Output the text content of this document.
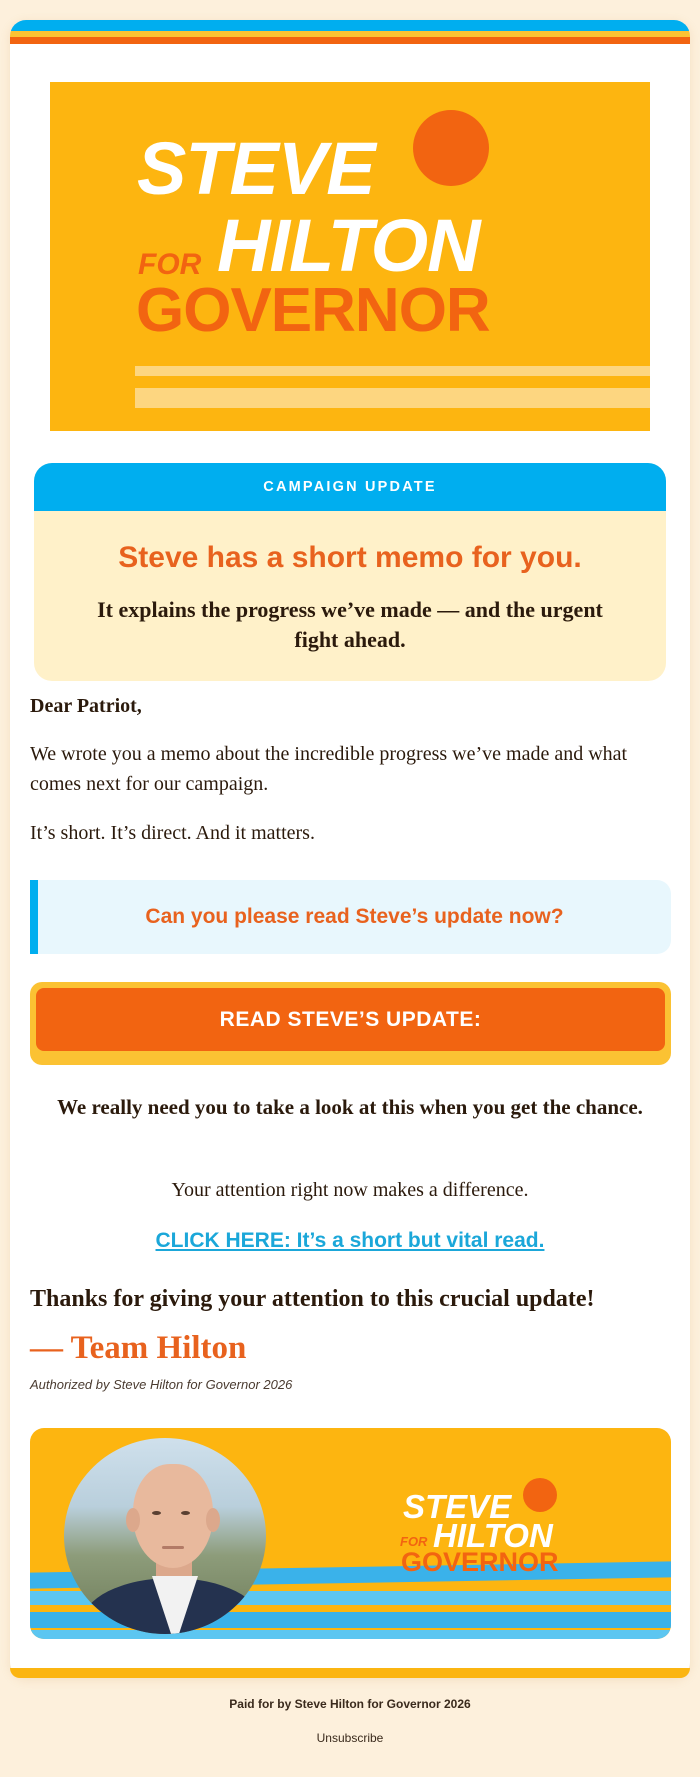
STEVE
FOR HILTON
GOVERNOR
CAMPAIGN UPDATE
Steve has a short memo for you.
It explains the progress we’ve made — and the urgent fight ahead.
Dear Patriot,
We wrote you a memo about the incredible progress we’ve made and what comes next for our campaign.
It’s short. It’s direct. And it matters.
Can you please read Steve’s update now?
READ STEVE’S UPDATE:
We really need you to take a look at this when you get the chance.
Your attention right now makes a difference.
CLICK HERE: It’s a short but vital read.
Thanks for giving your attention to this crucial update!
— Team Hilton
Authorized by Steve Hilton for Governor 2026
STEVE
FOR HILTON
GOVERNOR
Paid for by Steve Hilton for Governor 2026
Unsubscribe
